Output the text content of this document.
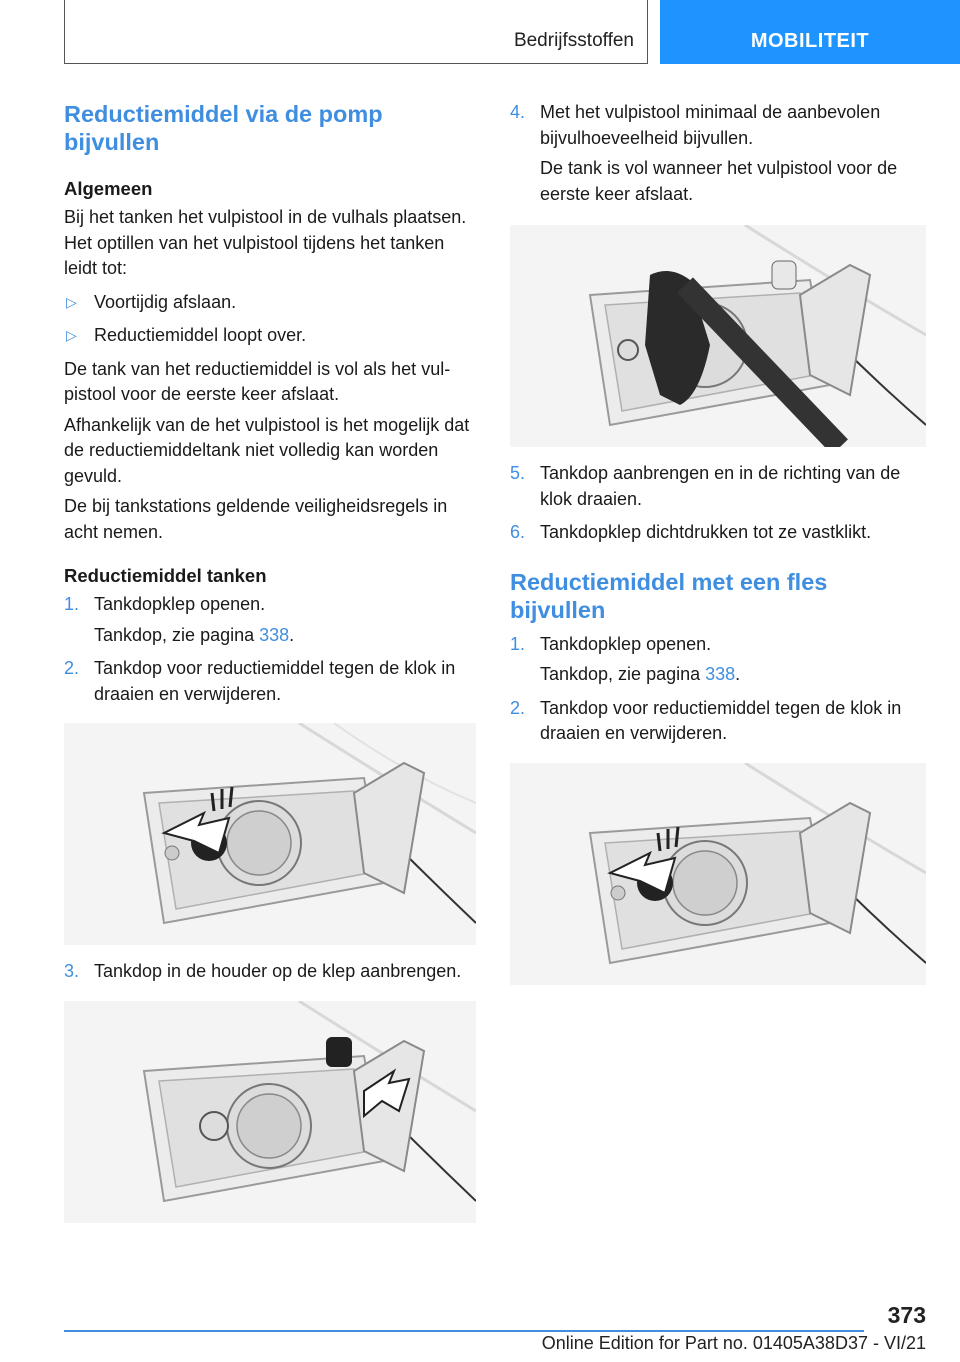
Bedrijfsstoffen	MOBILITEIT
Reductiemiddel via de pomp bijvullen
Algemeen

Bij het tanken het vulpistool in de vulhals plaatsen. Het optillen van het vulpistool tijdens het tanken leidt tot:

▷ Voortijdig afslaan.
▷ Reductiemiddel loopt over.

De tank van het reductiemiddel is vol als het vulpistool voor de eerste keer afslaat.

Afhankelijk van de het vulpistool is het mogelijk dat de reductiemiddeltank niet volledig kan worden gevuld.

De bij tankstations geldende veiligheidsregels in acht nemen.

Reductiemiddel tanken
1. Tankdopklep openen.
Tankdop, zie pagina 338.
2. Tankdop voor reductiemiddel tegen de klok in draaien en verwijderen.
3. Tankdop in de houder op de klep aanbrengen.
4. Met het vulpistool minimaal de aanbevolen bijvulhoeveelheid bijvullen.
De tank is vol wanneer het vulpistool voor de eerste keer afslaat.
5. Tankdop aanbrengen en in de richting van de klok draaien.
6. Tankdopklep dichtdrukken tot ze vastklikt.
Reductiemiddel met een fles bijvullen
1. Tankdopklep openen.
Tankdop, zie pagina 338.
2. Tankdop voor reductiemiddel tegen de klok in draaien en verwijderen.
373
Online Edition for Part no. 01405A38D37 - VI/21
